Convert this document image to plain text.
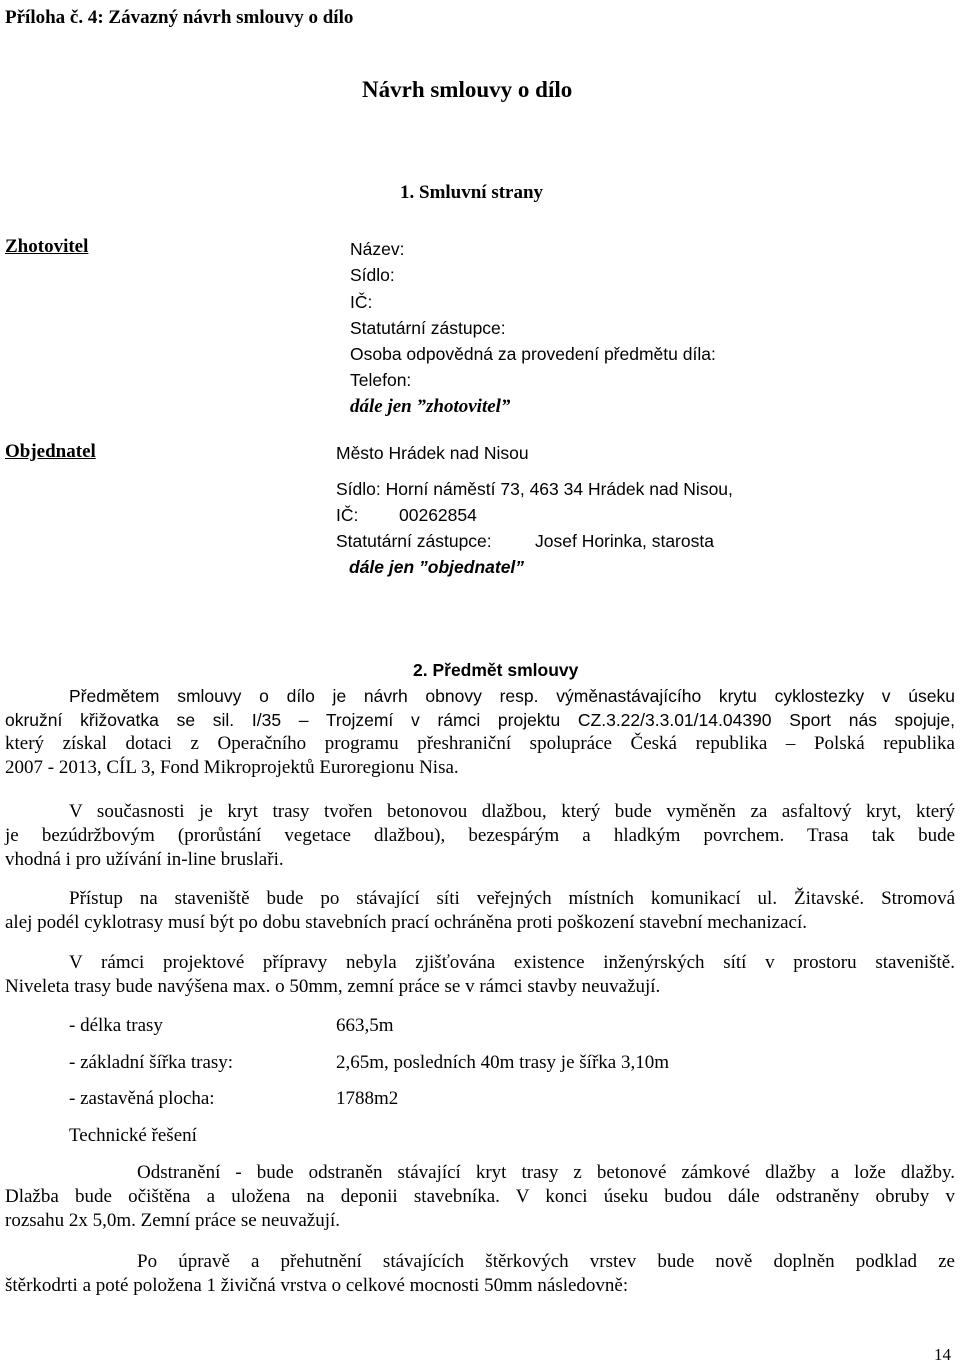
Příloha č. 4: Závazný návrh smlouvy o dílo
Návrh smlouvy o dílo
1. Smluvní strany
Zhotovitel	Název:
Sídlo:
IČ:
Statutární zástupce:
Osoba odpovědná za provedení předmětu díla:
Telefon:
dále jen ”zhotovitel”
Objednatel	Město Hrádek nad Nisou
Sídlo: Horní náměstí 73, 463 34 Hrádek nad Nisou,
IČ: 00262854
Statutární zástupce: Josef Horinka, starosta
dále jen ”objednatel”
2. Předmět smlouvy
Předmětem smlouvy o dílo je návrh obnovy resp. výměnastávajícího krytu cyklostezky v úseku
okružní křižovatka se sil. I/35 – Trojzemí v rámci projektu CZ.3.22/3.3.01/14.04390 Sport nás spojuje,
který získal dotaci z Operačního programu přeshraniční spolupráce Česká republika – Polská republika
2007 - 2013, CÍL 3, Fond Mikroprojektů Euroregionu Nisa.
V současnosti je kryt trasy tvořen betonovou dlažbou, který bude vyměněn za asfaltový kryt, který
je bezúdržbovým (prorůstání vegetace dlažbou), bezespárým a hladkým povrchem. Trasa tak bude
vhodná i pro užívání in-line bruslaři.
Přístup na staveniště bude po stávající síti veřejných místních komunikací ul. Žitavské. Stromová
alej podél cyklotrasy musí být po dobu stavebních prací ochráněna proti poškození stavební mechanizací.
V rámci projektové přípravy nebyla zjišťována existence inženýrských sítí v prostoru staveniště.
Niveleta trasy bude navýšena max. o 50mm, zemní práce se v rámci stavby neuvažují.
- délka trasy	663,5m
- základní šířka trasy:	2,65m, posledních 40m trasy je šířka 3,10m
- zastavěná plocha:	1788m2
Technické řešení
Odstranění - bude odstraněn stávající kryt trasy z betonové zámkové dlažby a lože dlažby.
Dlažba bude očištěna a uložena na deponii stavebníka. V konci úseku budou dále odstraněny obruby v
rozsahu 2x 5,0m. Zemní práce se neuvažují.
Po úpravě a přehutnění stávajících štěrkových vrstev bude nově doplněn podklad ze
štěrkodrti a poté položena 1 živičná vrstva o celkové mocnosti 50mm následovně:
14
